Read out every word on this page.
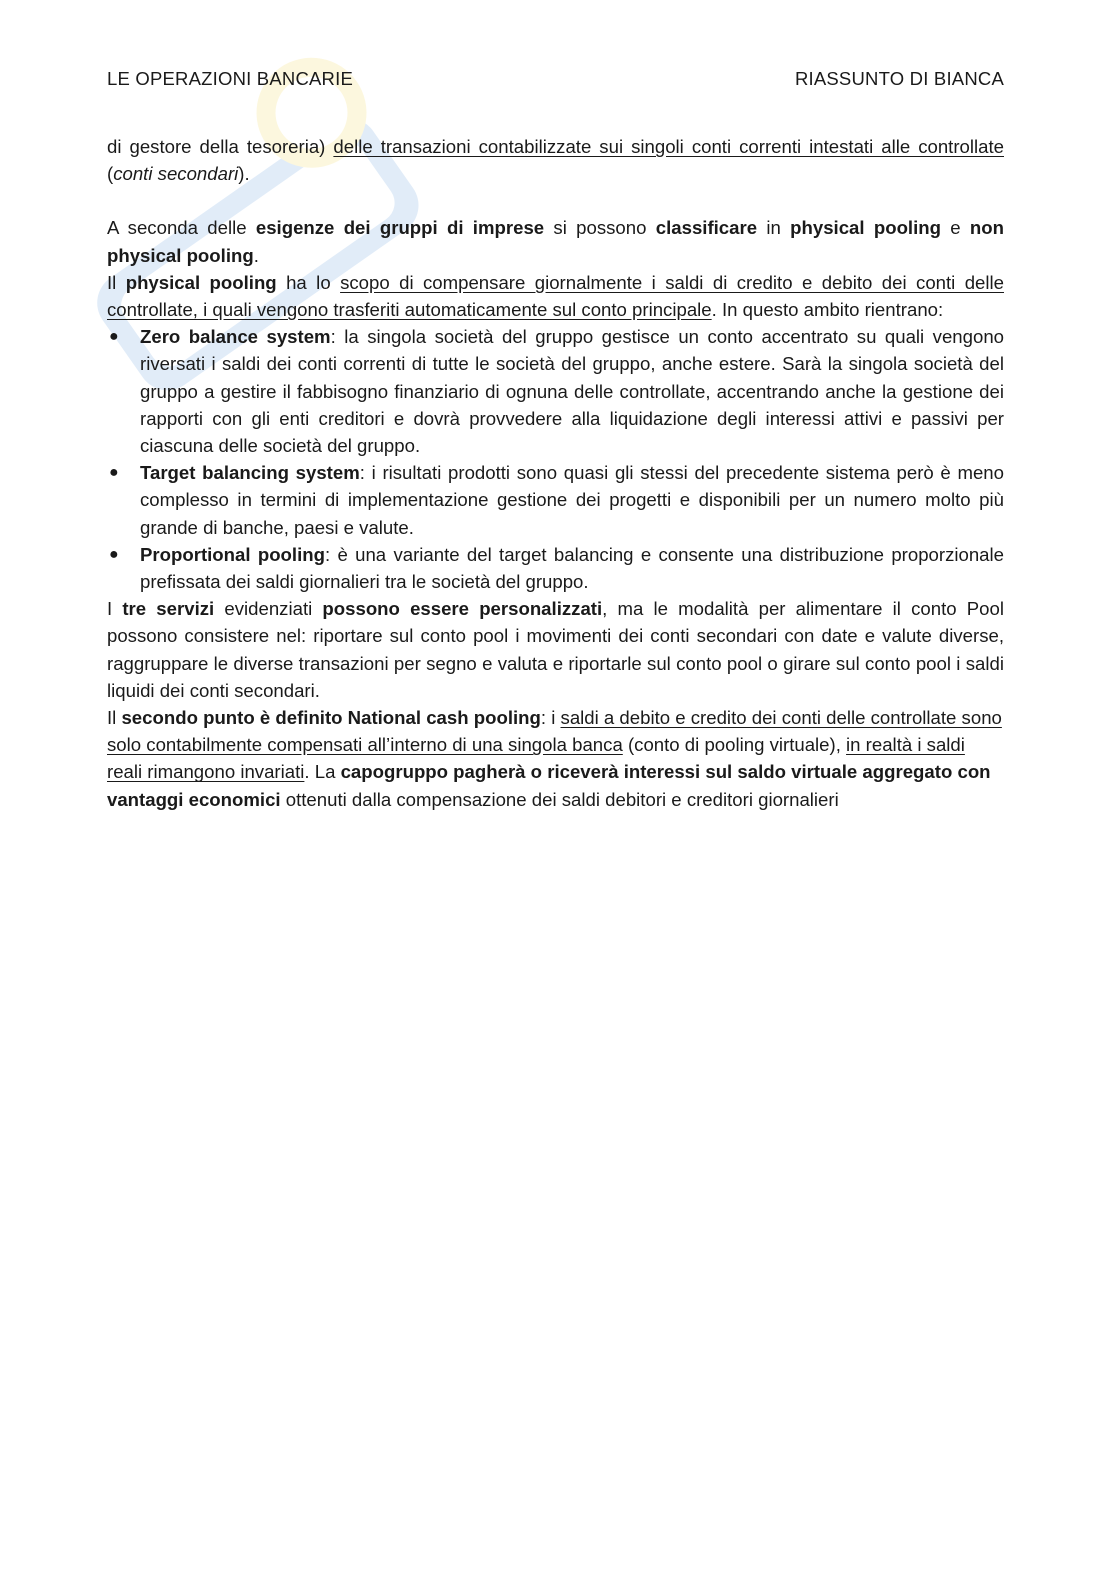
LE OPERAZIONI BANCARIE	RIASSUNTO DI BIANCA

di gestore della tesoreria) delle transazioni contabilizzate sui singoli conti correnti intestati alle controllate (conti secondari).

A seconda delle esigenze dei gruppi di imprese si possono classificare in physical pooling e non physical pooling.

Il physical pooling ha lo scopo di compensare giornalmente i saldi di credito e debito dei conti delle controllate, i quali vengono trasferiti automaticamente sul conto principale. In questo ambito rientrano:

● Zero balance system: la singola società del gruppo gestisce un conto accentrato su quali vengono riversati i saldi dei conti correnti di tutte le società del gruppo, anche estere. Sarà la singola società del gruppo a gestire il fabbisogno finanziario di ognuna delle controllate, accentrando anche la gestione dei rapporti con gli enti creditori e dovrà provvedere alla liquidazione degli interessi attivi e passivi per ciascuna delle società del gruppo.
● Target balancing system: i risultati prodotti sono quasi gli stessi del precedente sistema però è meno complesso in termini di implementazione gestione dei progetti e disponibili per un numero molto più grande di banche, paesi e valute.
● Proportional pooling: è una variante del target balancing e consente una distribuzione proporzionale prefissata dei saldi giornalieri tra le società del gruppo.

I tre servizi evidenziati possono essere personalizzati, ma le modalità per alimentare il conto Pool possono consistere nel: riportare sul conto pool i movimenti dei conti secondari con date e valute diverse, raggruppare le diverse transazioni per segno e valuta e riportarle sul conto pool o girare sul conto pool i saldi liquidi dei conti secondari.

Il secondo punto è definito National cash pooling: i saldi a debito e credito dei conti delle controllate sono solo contabilmente compensati all’interno di una singola banca (conto di pooling virtuale), in realtà i saldi reali rimangono invariati. La capogruppo pagherà o riceverà interessi sul saldo virtuale aggregato con vantaggi economici ottenuti dalla compensazione dei saldi debitori e creditori giornalieri
